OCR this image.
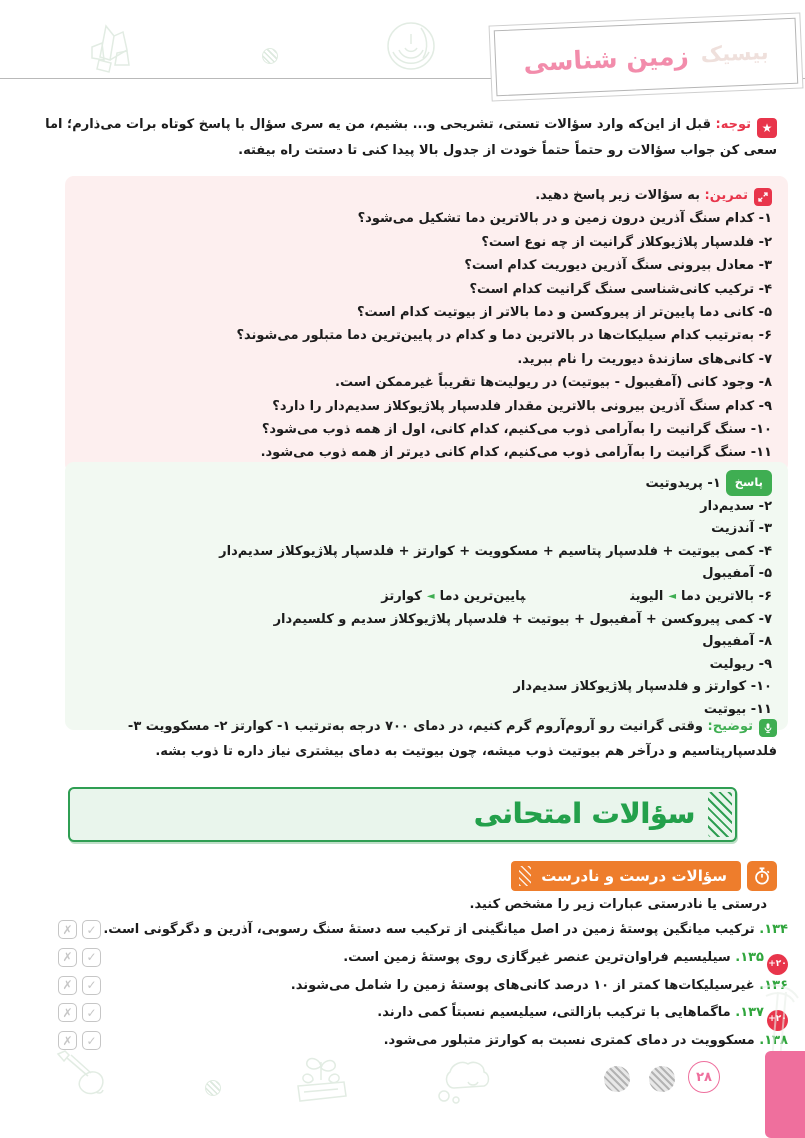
بیسیک
زمین شناسی

★
توجه: قبل از این‌که وارد سؤالات تستی، تشریحی و... بشیم، من یه سری سؤال با پاسخ کوتاه برات می‌ذارم؛ اما سعی کن جواب سؤالات رو حتماً حتماً خودت از جدول بالا پیدا کنی تا دستت راه بیفته.

تمرین: به سؤالات زیر پاسخ دهید.
۱- کدام سنگ آذرین درون زمین و در بالاترین دما تشکیل می‌شود؟
۲- فلدسپار پلاژیوکلاز گرانیت از چه نوع است؟
۳- معادل بیرونی سنگ آذرین دیوریت کدام است؟
۴- ترکیب کانی‌شناسی سنگ گرانیت کدام است؟
۵- کانی دما پایین‌تر از پیروکسن و دما بالاتر از بیوتیت کدام است؟
۶- به‌ترتیب کدام سیلیکات‌ها در بالاترین دما و کدام در پایین‌ترین دما متبلور می‌شوند؟
۷- کانی‌های سازندهٔ دیوریت را نام ببرید.
۸- وجود کانی (آمفیبول - بیوتیت) در ریولیت‌ها تقریباً غیرممکن است.
۹- کدام سنگ آذرین بیرونی بالاترین مقدار فلدسپار پلاژیوکلاز سدیم‌دار را دارد؟
۱۰- سنگ گرانیت را به‌آرامی ذوب می‌کنیم، کدام کانی، اول از همه ذوب می‌شود؟
۱۱- سنگ گرانیت را به‌آرامی ذوب می‌کنیم، کدام کانی دیرتر از همه ذوب می‌شود.
پاسخ۱- پریدوتیت
۲- سدیم‌دار
۳- آندزیت
۴- کمی بیوتیت + فلدسپار پتاسیم + مسکوویت + کوارتز + فلدسپار پلاژیوکلاز سدیم‌دار
۵- آمفیبول
۶- بالاترین دما◄الیوینپایین‌ترین دما◄کوارتز
۷- کمی پیروکسن + آمفیبول + بیوتیت + فلدسپار پلاژیوکلاز سدیم و کلسیم‌دار
۸- آمفیبول
۹- ریولیت
۱۰- کوارتز و فلدسپار پلاژیوکلاز سدیم‌دار
۱۱- بیوتیت

توضیح: وقتی گرانیت رو آروم‌آروم گرم کنیم، در دمای ۷۰۰ درجه به‌ترتیب ۱- کوارتز ۲- مسکوویت ۳- فلدسپارپتاسیم و درآخر هم بیوتیت ذوب میشه، چون بیوتیت به دمای بیشتری نیاز داره تا ذوب بشه.

سؤالات امتحانی
سؤالات درست و نادرست
درستی یا نادرستی عبارات زیر را مشخص کنید.
✗	✓	۱۳۴. ترکیب میانگین پوستهٔ زمین در اصل میانگینی از ترکیب سه دستهٔ سنگ رسوبی، آذرین و دگرگونی است.
✗	✓	+۲۰۱۳۵. سیلیسیم فراوان‌ترین عنصر غیرگازی روی پوستهٔ زمین است.
✗	✓	۱۳۶. غیرسیلیکات‌ها کمتر از ۱۰ درصد کانی‌های پوستهٔ زمین را شامل می‌شوند.
✗	✓	+۲۰۱۳۷. ماگماهایی با ترکیب بازالتی، سیلیسیم نسبتاً کمی دارند.
✗	✓	۱۳۸. مسکوویت در دمای کمتری نسبت به کوارتز متبلور می‌شود.
۲۸
